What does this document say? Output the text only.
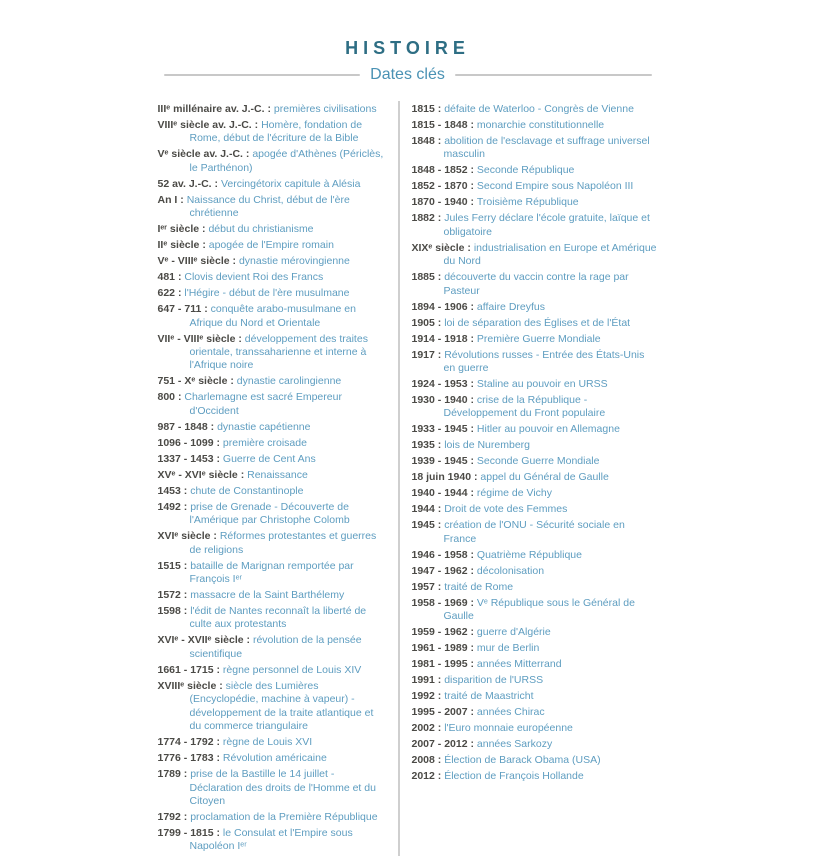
HISTOIRE
Dates clés
IIIᵉ millénaire av. J.-C. : premières civilisations
VIIIᵉ siècle av. J.-C. : Homère, fondation de Rome, début de l'écriture de la Bible
Vᵉ siècle av. J.-C. : apogée d'Athènes (Périclès, le Parthénon)
52 av. J.-C. : Vercingétorix capitule à Alésia
An I : Naissance du Christ, début de l'ère chrétienne
Iᵉʳ siècle : début du christianisme
IIᵉ siècle : apogée de l'Empire romain
Vᵉ - VIIIᵉ siècle : dynastie mérovingienne
481 : Clovis devient Roi des Francs
622 : l'Hégire - début de l'ère musulmane
647 - 711 : conquête arabo-musulmane en Afrique du Nord et Orientale
VIIᵉ - VIIIᵉ siècle : développement des traites orientale, transsaharienne et interne à l'Afrique noire
751 - Xᵉ siècle : dynastie carolingienne
800 : Charlemagne est sacré Empereur d'Occident
987 - 1848 : dynastie capétienne
1096 - 1099 : première croisade
1337 - 1453 : Guerre de Cent Ans
XVᵉ - XVIᵉ siècle : Renaissance
1453 : chute de Constantinople
1492 : prise de Grenade - Découverte de l'Amérique par Christophe Colomb
XVIᵉ siècle : Réformes protestantes et guerres de religions
1515 : bataille de Marignan remportée par François Iᵉʳ
1572 : massacre de la Saint Barthélemy
1598 : l'édit de Nantes reconnaît la liberté de culte aux protestants
XVIᵉ - XVIIᵉ siècle : révolution de la pensée scientifique
1661 - 1715 : règne personnel de Louis XIV
XVIIIᵉ siècle : siècle des Lumières (Encyclopédie, machine à vapeur) - développement de la traite atlantique et du commerce triangulaire
1774 - 1792 : règne de Louis XVI
1776 - 1783 : Révolution américaine
1789 : prise de la Bastille le 14 juillet - Déclaration des droits de l'Homme et du Citoyen
1792 : proclamation de la Première République
1799 - 1815 : le Consulat et l'Empire sous Napoléon Iᵉʳ
1815 : défaite de Waterloo - Congrès de Vienne
1815 - 1848 : monarchie constitutionnelle
1848 : abolition de l'esclavage et suffrage universel masculin
1848 - 1852 : Seconde République
1852 - 1870 : Second Empire sous Napoléon III
1870 - 1940 : Troisième République
1882 : Jules Ferry déclare l'école gratuite, laïque et obligatoire
XIXᵉ siècle : industrialisation en Europe et Amérique du Nord
1885 : découverte du vaccin contre la rage par Pasteur
1894 - 1906 : affaire Dreyfus
1905 : loi de séparation des Églises et de l'État
1914 - 1918 : Première Guerre Mondiale
1917 : Révolutions russes - Entrée des États-Unis en guerre
1924 - 1953 : Staline au pouvoir en URSS
1930 - 1940 : crise de la République - Développement du Front populaire
1933 - 1945 : Hitler au pouvoir en Allemagne
1935 : lois de Nuremberg
1939 - 1945 : Seconde Guerre Mondiale
18 juin 1940 : appel du Général de Gaulle
1940 - 1944 : régime de Vichy
1944 : Droit de vote des Femmes
1945 : création de l'ONU - Sécurité sociale en France
1946 - 1958 : Quatrième République
1947 - 1962 : décolonisation
1957 : traité de Rome
1958 - 1969 : Vᵉ République sous le Général de Gaulle
1959 - 1962 : guerre d'Algérie
1961 - 1989 : mur de Berlin
1981 - 1995 : années Mitterrand
1991 : disparition de l'URSS
1992 : traité de Maastricht
1995 - 2007 : années Chirac
2002 : l'Euro monnaie européenne
2007 - 2012 : années Sarkozy
2008 : Élection de Barack Obama (USA)
2012 : Élection de François Hollande
